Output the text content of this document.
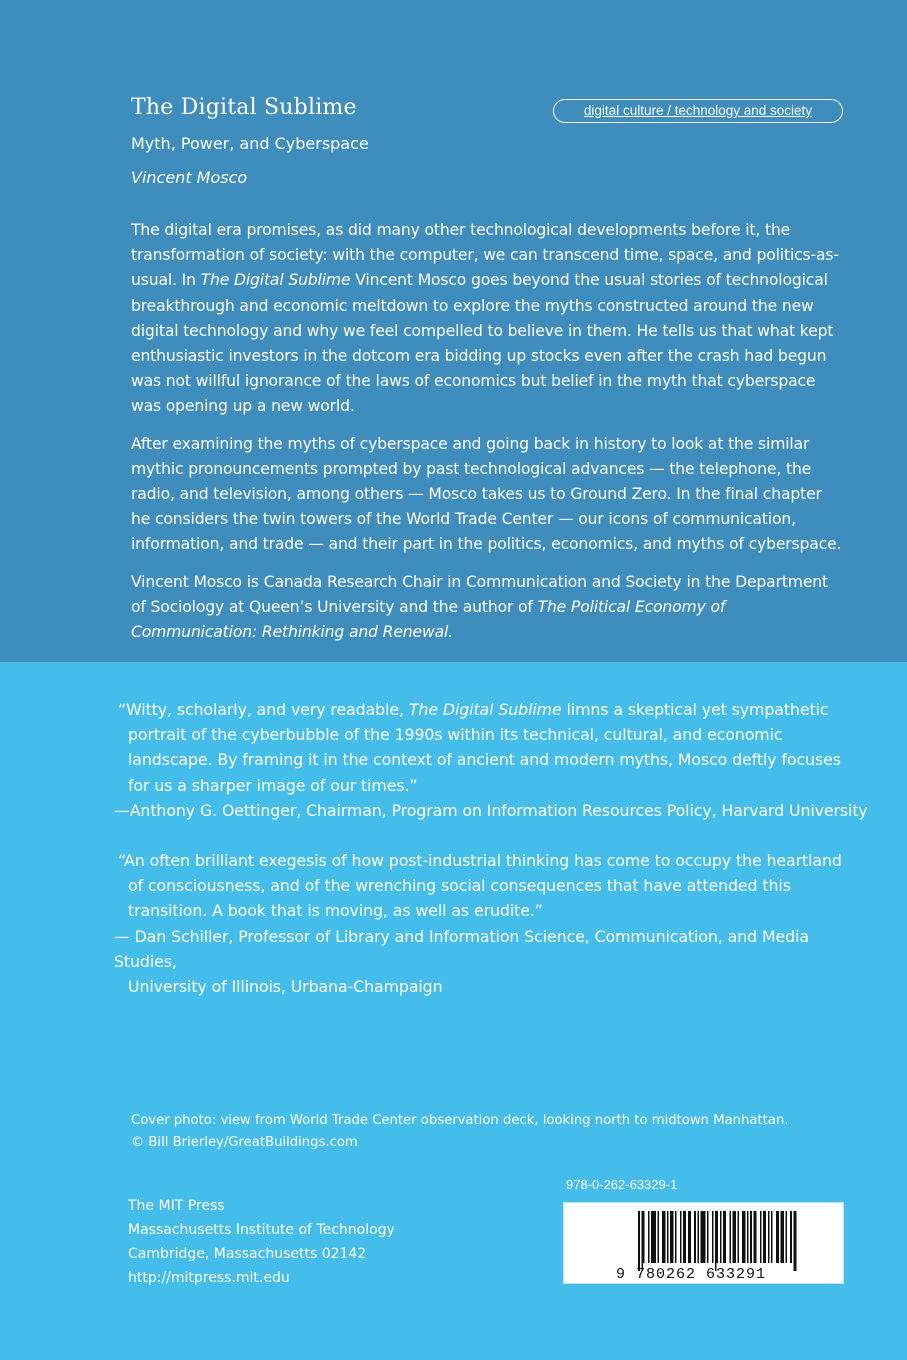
The Digital Sublime
Myth, Power, and Cyberspace
Vincent Mosco
digital culture / technology and society

The digital era promises, as did many other technological developments before it, the transformation of society: with the computer, we can transcend time, space, and politics-as-usual. In The Digital Sublime Vincent Mosco goes beyond the usual stories of technological breakthrough and economic meltdown to explore the myths constructed around the new digital technology and why we feel compelled to believe in them. He tells us that what kept enthusiastic investors in the dotcom era bidding up stocks even after the crash had begun was not willful ignorance of the laws of economics but belief in the myth that cyberspace was opening up a new world.

After examining the myths of cyberspace and going back in history to look at the similar mythic pronouncements prompted by past technological advances — the telephone, the radio, and television, among others — Mosco takes us to Ground Zero. In the final chapter he considers the twin towers of the World Trade Center — our icons of communication, information, and trade — and their part in the politics, economics, and myths of cyberspace.

Vincent Mosco is Canada Research Chair in Communication and Society in the Department of Sociology at Queen’s University and the author of The Political Economy of Communication: Rethinking and Renewal.

“Witty, scholarly, and very readable, The Digital Sublime limns a skeptical yet sympathetic portrait of the cyberbubble of the 1990s within its technical, cultural, and economic landscape. By framing it in the context of ancient and modern myths, Mosco deftly focuses for us a sharper image of our times.”
—Anthony G. Oettinger, Chairman, Program on Information Resources Policy, Harvard University
“An often brilliant exegesis of how post-industrial thinking has come to occupy the heartland of consciousness, and of the wrenching social consequences that have attended this transition. A book that is moving, as well as erudite.”
— Dan Schiller, Professor of Library and Information Science, Communication, and Media Studies,
University of Illinois, Urbana-Champaign
Cover photo: view from World Trade Center observation deck, looking north to midtown Manhattan.
© Bill Brierley/GreatBuildings.com
The MIT Press
Massachusetts Institute of Technology
Cambridge, Massachusetts 02142
http://mitpress.mit.edu
978-0-262-63329-1
9 780262 633291
